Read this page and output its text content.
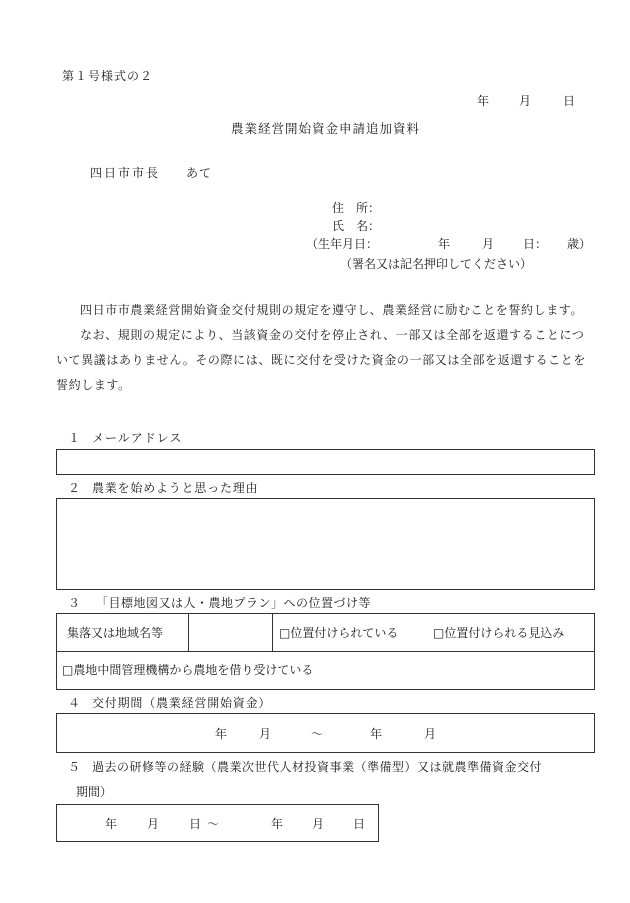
第１号様式の２
年 月	日
農業経営開始資金申請追加資料
四日市市長 あて
住　所：
氏　名：
（生年月日：	年	月 日： 歳）
（署名又は記名押印してください）

四日市市農業経営開始資金交付規則の規定を遵守し、農業経営に励むことを誓約します。

なお、規則の規定により、当該資金の交付を停止され、一部又は全部を返還することについて異議はありません。その際には、既に交付を受けた資金の一部又は全部を返還することを誓約します。

１ メールアドレス
２ 農業を始めようと思った理由
３ 「目標地図又は人・農地プラン」への位置づけ等
集落又は地域名等	□位置付けられている	□位置付けられる見込み
□農地中間管理機構から農地を借り受けている
４ 交付期間（農業経営開始資金）
年	月	～	年	月
５ 過去の研修等の経験（農業次世代人材投資事業（準備型）又は就農準備資金交付
期間）
年 月 日 ～	年 月 日
